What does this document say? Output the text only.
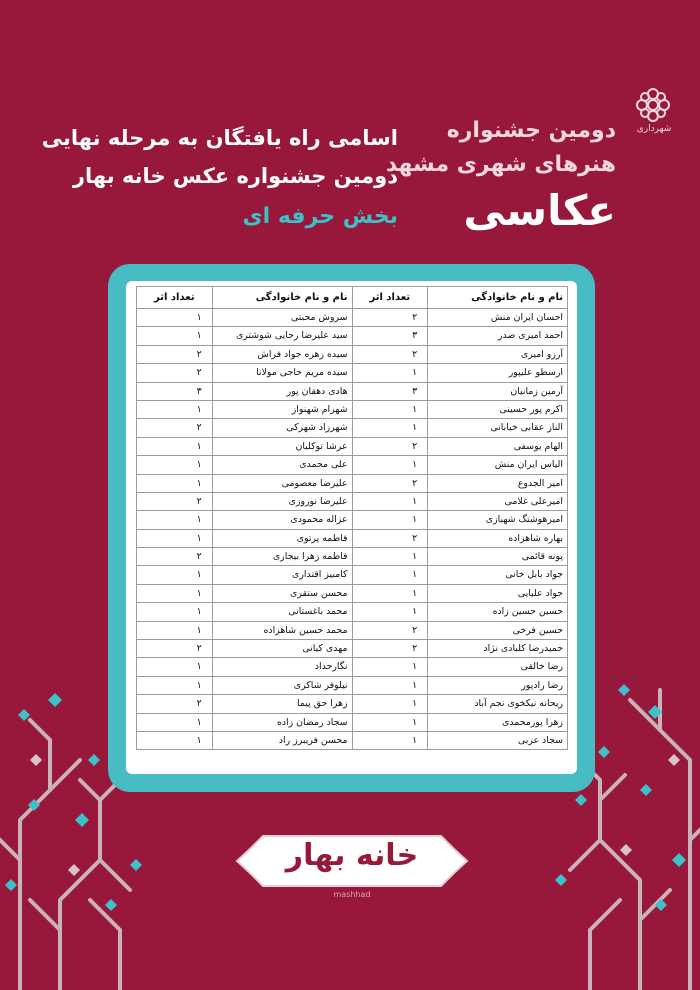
شهرداری
دومین جشنواره
هنرهای شهری مشهد
عکاسی
اسامی راه یافتگان به مرحله نهایی
دومین جشنواره عکس خانه بهار
بخش حرفه ای
نام و نام خانوادگی	تعداد اثر	نام و نام خانوادگی	تعداد اثر
احسان ایران منش	۲	سروش محبتی	۱
احمد امیری صدر	۳	سید علیرضا رجایی شوشتری	۱
آرزو امیری	۲	سیده زهره جواد فراش	۲
ارسطو علیپور	۱	سیده مریم حاجی مولانا	۲
آرمین زمانیان	۳	هادی دهقان پور	۳
اکرم پور حسینی	۱	شهرام شهنواز	۱
الناز عقابی خیابانی	۱	شهرزاد شهرکی	۲
الهام یوسفی	۲	عرشا توکلیان	۱
الیاس ایران منش	۱	علی محمدی	۱
امیر الجدوع	۲	علیرضا معصومی	۱
امیرعلی غلامی	۱	علیرضا نوروزی	۲
امیرهوشنگ شهبازی	۱	عزاله محمودی	۱
بهاره شاهزاده	۲	فاطمه پرتوی	۱
پونه قائمی	۱	فاطمه زهرا بیجاری	۲
جواد بابل خانی	۱	کامبیز اقتداری	۱
جواد علیایی	۱	محسن ستقری	۱
حسین حسین زاده	۱	محمد باغستانی	۱
حسین فرخی	۲	محمد حسین شاهزاده	۱
حمیدرضا کلبادی نژاد	۲	مهدی کیانی	۲
رضا خالقی	۱	نگارحداد	۱
رضا رادپور	۱	نیلوفر شاکری	۱
ریحانه نیکخوی نجم آباد	۱	زهرا حق پیما	۲
زهرا پورمحمدی	۱	سجاد رمضان زاده	۱
سجاد عربی	۱	محسن فریبرز راد	۱
خانه بهار
mashhad
